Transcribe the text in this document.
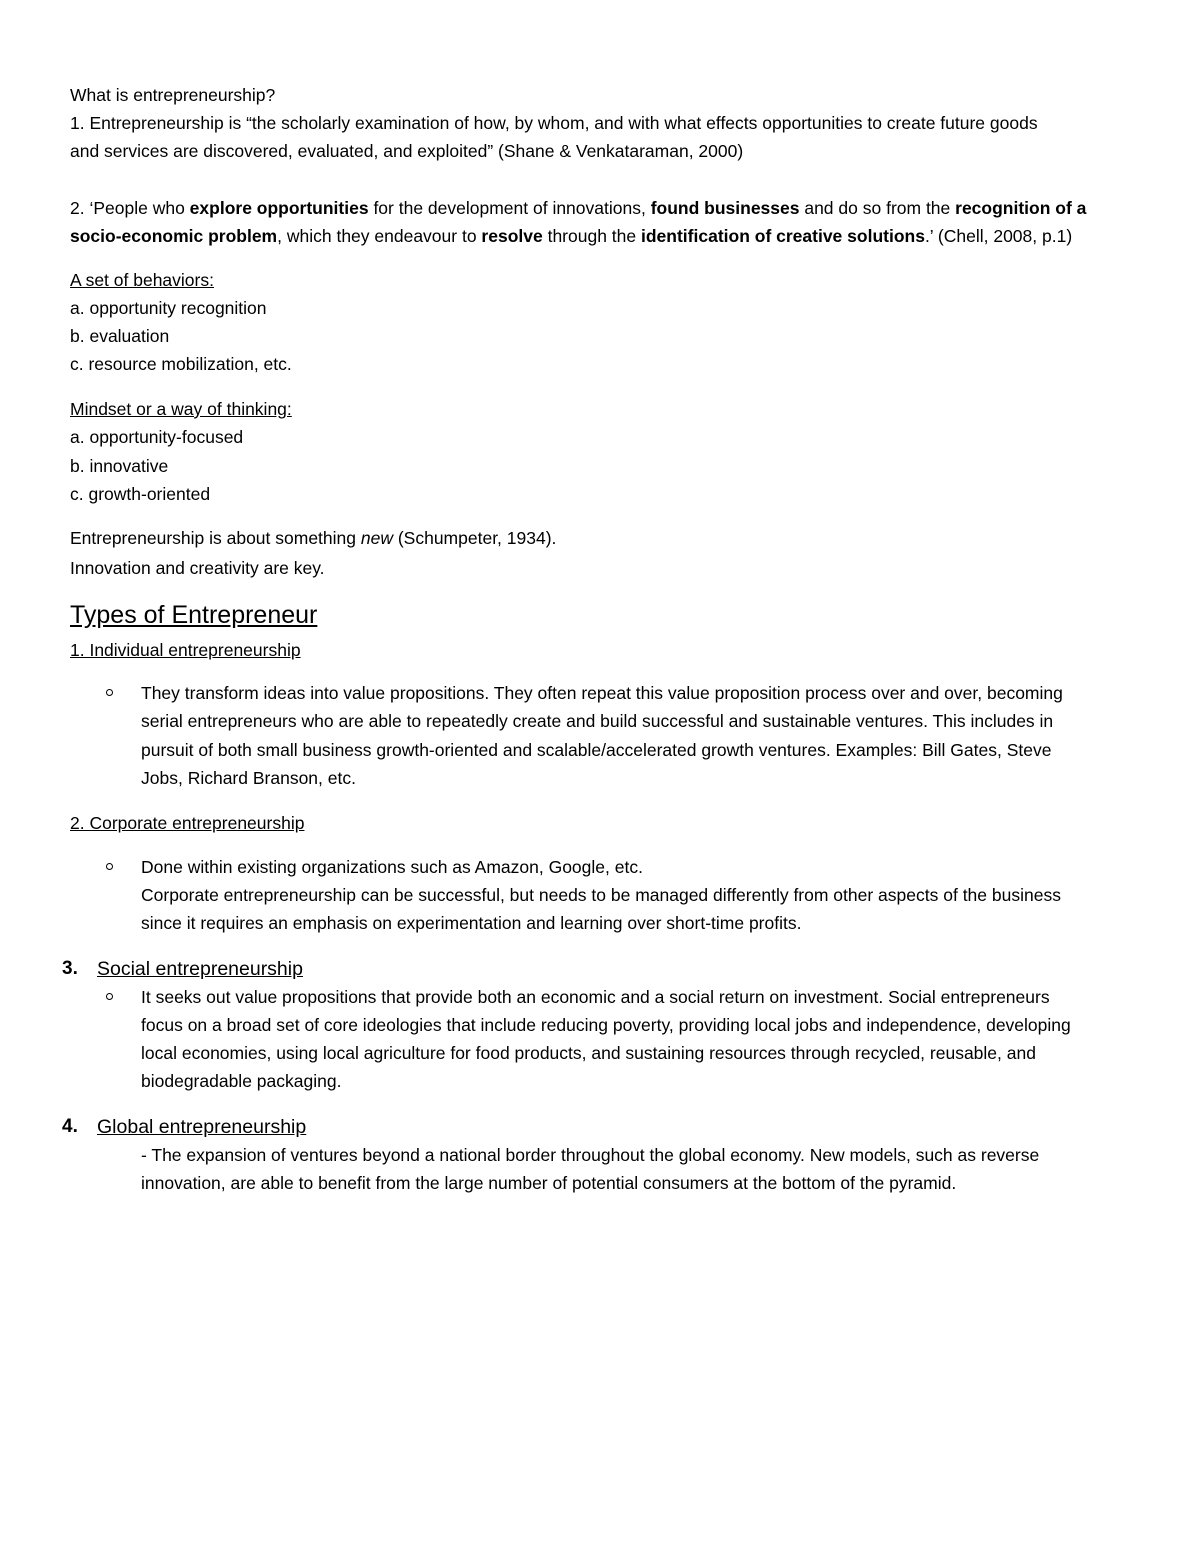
What is entrepreneurship?
1. Entrepreneurship is “the scholarly examination of how, by whom, and with what effects opportunities to create future goods
and services are discovered, evaluated, and exploited” (Shane & Venkataraman, 2000)
2. ‘People who explore opportunities for the development of innovations, found businesses and do so from the recognition of a
socio-economic problem, which they endeavour to resolve through the identification of creative solutions.’ (Chell, 2008, p.1)
A set of behaviors:
a. opportunity recognition
b. evaluation
c. resource mobilization, etc.
Mindset or a way of thinking:
a. opportunity-focused
b. innovative
c. growth-oriented
Entrepreneurship is about something new (Schumpeter, 1934).
Innovation and creativity are key.
Types of Entrepreneur
1. Individual entrepreneurship
They transform ideas into value propositions. They often repeat this value proposition process over and over, becoming
serial entrepreneurs who are able to repeatedly create and build successful and sustainable ventures. This includes in
pursuit of both small business growth-oriented and scalable/accelerated growth ventures. Examples: Bill Gates, Steve
Jobs, Richard Branson, etc.
2. Corporate entrepreneurship
Done within existing organizations such as Amazon, Google, etc.
Corporate entrepreneurship can be successful, but needs to be managed differently from other aspects of the business
since it requires an emphasis on experimentation and learning over short-time profits.
3. Social entrepreneurship
It seeks out value propositions that provide both an economic and a social return on investment. Social entrepreneurs
focus on a broad set of core ideologies that include reducing poverty, providing local jobs and independence, developing
local economies, using local agriculture for food products, and sustaining resources through recycled, reusable, and
biodegradable packaging.
4. Global entrepreneurship
- The expansion of ventures beyond a national border throughout the global economy. New models, such as reverse
innovation, are able to benefit from the large number of potential consumers at the bottom of the pyramid.
